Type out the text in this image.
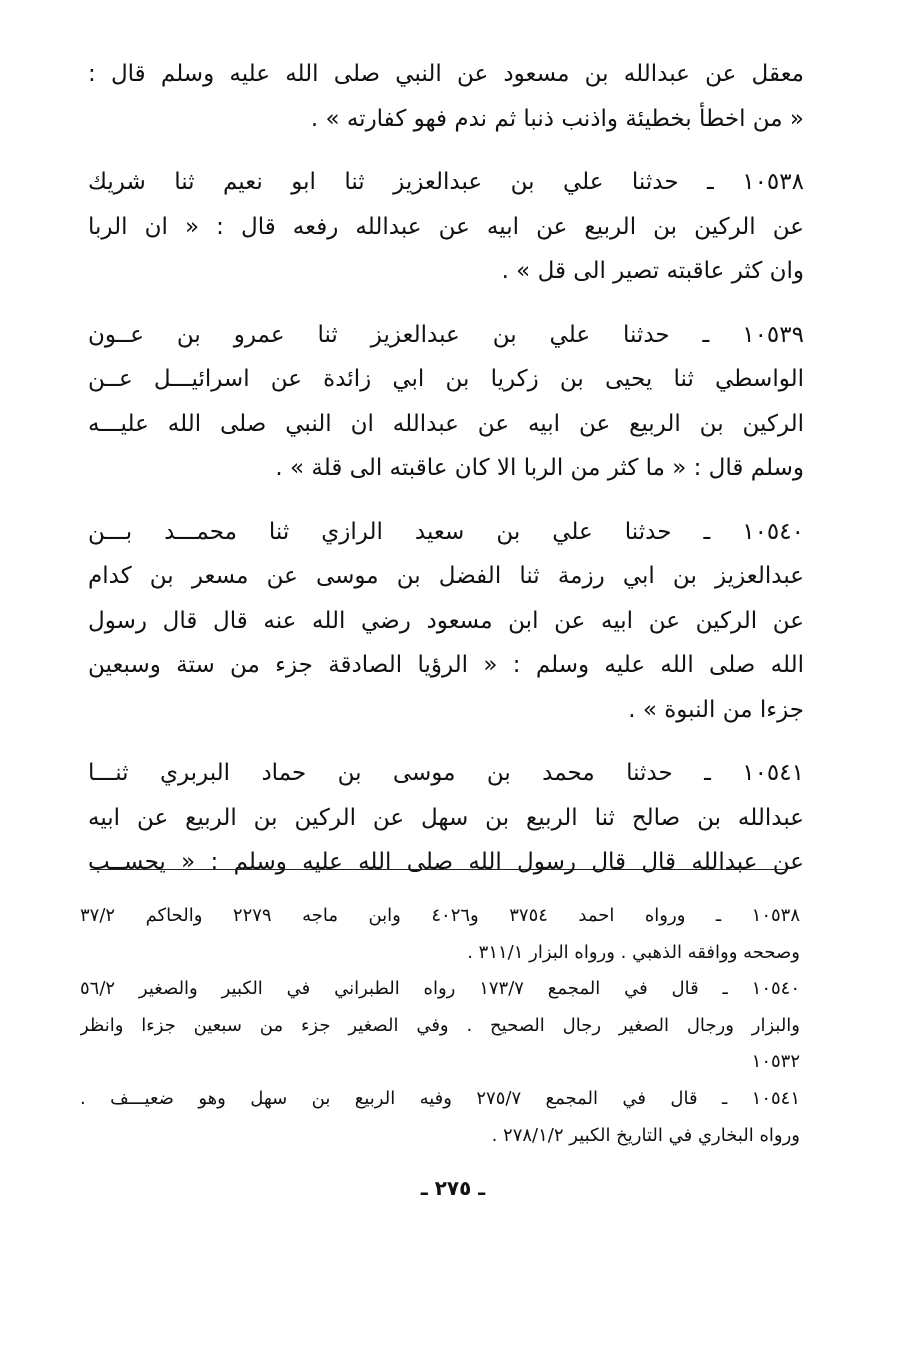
معقل عن عبدالله بن مسعود عن النبي صلى الله عليه وسلم قال :
« من اخطأ بخطيئة واذنب ذنبا ثم ندم فهو كفارته » .
١٠٥٣٨ ـ حدثنا علي بن عبدالعزيز ثنا ابو نعيم ثنا شريك
عن الركين بن الربيع عن ابيه عن عبدالله رفعه قال : « ان الربا
وان كثر عاقبته تصير الى قل » .
١٠٥٣٩ ـ حدثنا علي بن عبدالعزيز ثنا عمرو بن عــون
الواسطي ثنا يحيى بن زكريا بن ابي زائدة عن اسرائيـــل عــن
الركين بن الربيع عن ابيه عن عبدالله ان النبي صلى الله عليـــه
وسلم قال : « ما كثر من الربا الا كان عاقبته الى قلة » .
١٠٥٤٠ ـ حدثنا علي بن سعيد الرازي ثنا محمـــد بـــن
عبدالعزيز بن ابي رزمة ثنا الفضل بن موسى عن مسعر بن كدام
عن الركين عن ابيه عن ابن مسعود رضي الله عنه قال قال رسول
الله صلى الله عليه وسلم : « الرؤيا الصادقة جزء من ستة وسبعين
جزءا من النبوة » .
١٠٥٤١ ـ حدثنا محمد بن موسى بن حماد البربري ثنـــا
عبدالله بن صالح ثنا الربيع بن سهل عن الركين بن الربيع عن ابيه
عن عبدالله قال قال رسول الله صلى الله عليه وسلم : « يحســب
١٠٥٣٨ ـ ورواه احمد ٣٧٥٤ و٤٠٢٦ وابن ماجه ٢٢٧٩ والحاكم ٣٧/٢
وصححه ووافقه الذهبي . ورواه البزار ٣١١/١ .
١٠٥٤٠ ـ قال في المجمع ١٧٣/٧ رواه الطبراني في الكبير والصغير ٥٦/٢
والبزار ورجال الصغير رجال الصحيح . وفي الصغير جزء من سبعين جزءا وانظر
١٠٥٣٢
١٠٥٤١ ـ قال في المجمع ٢٧٥/٧ وفيه الربيع بن سهل وهو ضعيـــف .
ورواه البخاري في التاريخ الكبير ٢٧٨/١/٢ .
ـ ٢٧٥ ـ
